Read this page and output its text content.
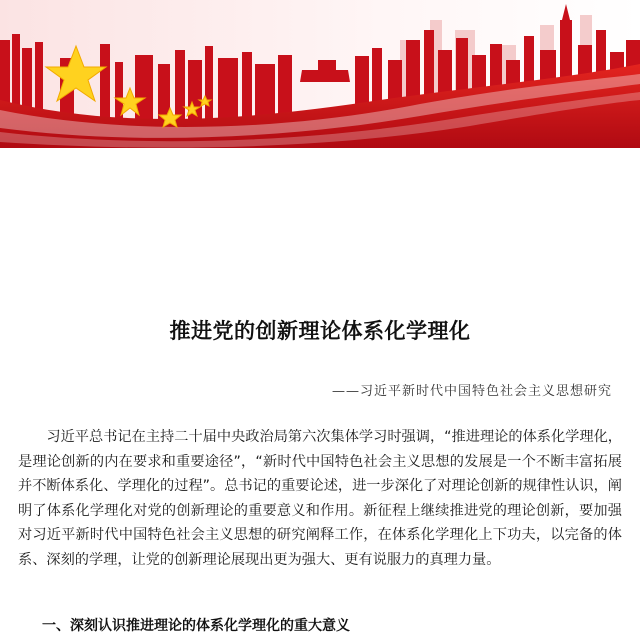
推进党的创新理论体系化学理化
——习近平新时代中国特色社会主义思想研究

习近平总书记在主持二十届中央政治局第六次集体学习时强调，“推进理论的体系化学理化，是理论创新的内在要求和重要途径”，“新时代中国特色社会主义思想的发展是一个不断丰富拓展并不断体系化、学理化的过程”。总书记的重要论述，进一步深化了对理论创新的规律性认识，阐明了体系化学理化对党的创新理论的重要意义和作用。新征程上继续推进党的理论创新，要加强对习近平新时代中国特色社会主义思想的研究阐释工作，在体系化学理化上下功夫，以完备的体系、深刻的学理，让党的创新理论展现出更为强大、更有说服力的真理力量。

一、深刻认识推进理论的体系化学理化的重大意义
